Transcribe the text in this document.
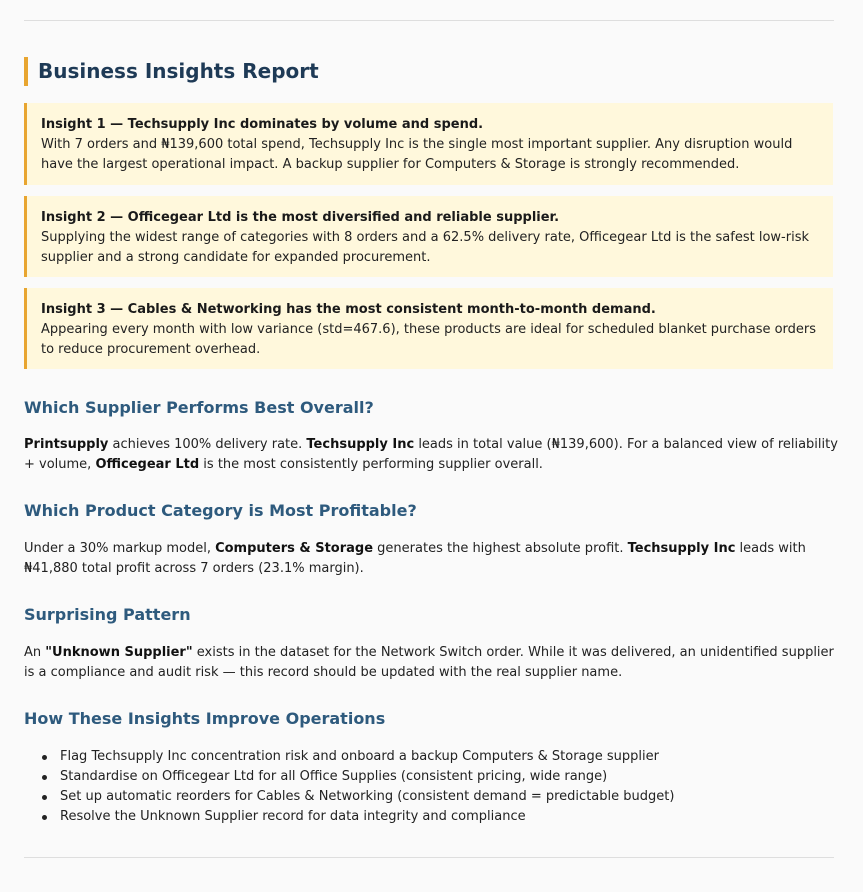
Business Insights Report
Insight 1 — Techsupply Inc dominates by volume and spend.
With 7 orders and ₦139,600 total spend, Techsupply Inc is the single most important supplier. Any disruption would have the largest operational impact. A backup supplier for Computers & Storage is strongly recommended.
Insight 2 — Officegear Ltd is the most diversified and reliable supplier.
Supplying the widest range of categories with 8 orders and a 62.5% delivery rate, Officegear Ltd is the safest low-risk supplier and a strong candidate for expanded procurement.
Insight 3 — Cables & Networking has the most consistent month-to-month demand.
Appearing every month with low variance (std=467.6), these products are ideal for scheduled blanket purchase orders to reduce procurement overhead.
Which Supplier Performs Best Overall?

Printsupply achieves 100% delivery rate. Techsupply Inc leads in total value (₦139,600). For a balanced view of reliability + volume, Officegear Ltd is the most consistently performing supplier overall.

Which Product Category is Most Profitable?

Under a 30% markup model, Computers & Storage generates the highest absolute profit. Techsupply Inc leads with ₦41,880 total profit across 7 orders (23.1% margin).

Surprising Pattern

An "Unknown Supplier" exists in the dataset for the Network Switch order. While it was delivered, an unidentified supplier is a compliance and audit risk — this record should be updated with the real supplier name.

How These Insights Improve Operations
Flag Techsupply Inc concentration risk and onboard a backup Computers & Storage supplier
Standardise on Officegear Ltd for all Office Supplies (consistent pricing, wide range)
Set up automatic reorders for Cables & Networking (consistent demand = predictable budget)
Resolve the Unknown Supplier record for data integrity and compliance
